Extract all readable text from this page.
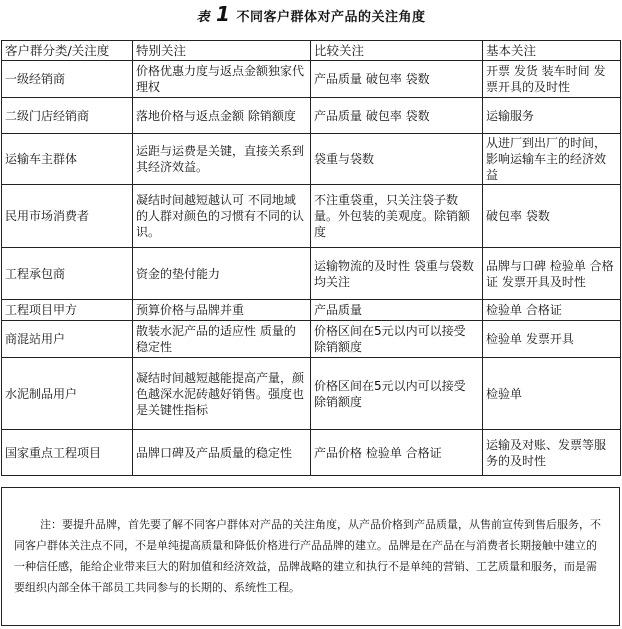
表 1 不同客户群体对产品的关注角度
客户群分类/关注度	特别关注	比较关注	基本关注
一级经销商	价格优惠力度与返点金额独家代理权	产品质量 破包率 袋数	开票 发货 装车时间 发票开具的及时性
二级门店经销商	落地价格与返点金额 除销额度	产品质量 破包率 袋数	运输服务
运输车主群体	运距与运费是关键，直接关系到其经济效益。	袋重与袋数	从进厂到出厂的时间，影响运输车主的经济效益
民用市场消费者	凝结时间越短越认可 不同地域的人群对颜色的习惯有不同的认识。	不注重袋重，只关注袋子数量。外包装的美观度。除销额度	破包率 袋数
工程承包商	资金的垫付能力	运输物流的及时性 袋重与袋数均关注	品牌与口碑 检验单 合格证 发票开具及时性
工程项目甲方	预算价格与品牌并重	产品质量	检验单 合格证
商混站用户	散装水泥产品的适应性 质量的稳定性	价格区间在5元以内可以接受 除销额度	检验单 发票开具
水泥制品用户	凝结时间越短越能提高产量，颜色越深水泥砖越好销售。强度也是关键性指标	价格区间在5元以内可以接受 除销额度	检验单
国家重点工程项目	品牌口碑及产品质量的稳定性	产品价格 检验单 合格证	运输及对账、发票等服务的及时性

注：要提升品牌，首先要了解不同客户群体对产品的关注角度，从产品价格到产品质量，从售前宣传到售后服务，不同客户群体关注点不同，不是单纯提高质量和降低价格进行产品品牌的建立。品牌是在产品在与消费者长期接触中建立的一种信任感，能给企业带来巨大的附加值和经济效益，品牌战略的建立和执行不是单纯的营销、工艺质量和服务，而是需要组织内部全体干部员工共同参与的长期的、系统性工程。
